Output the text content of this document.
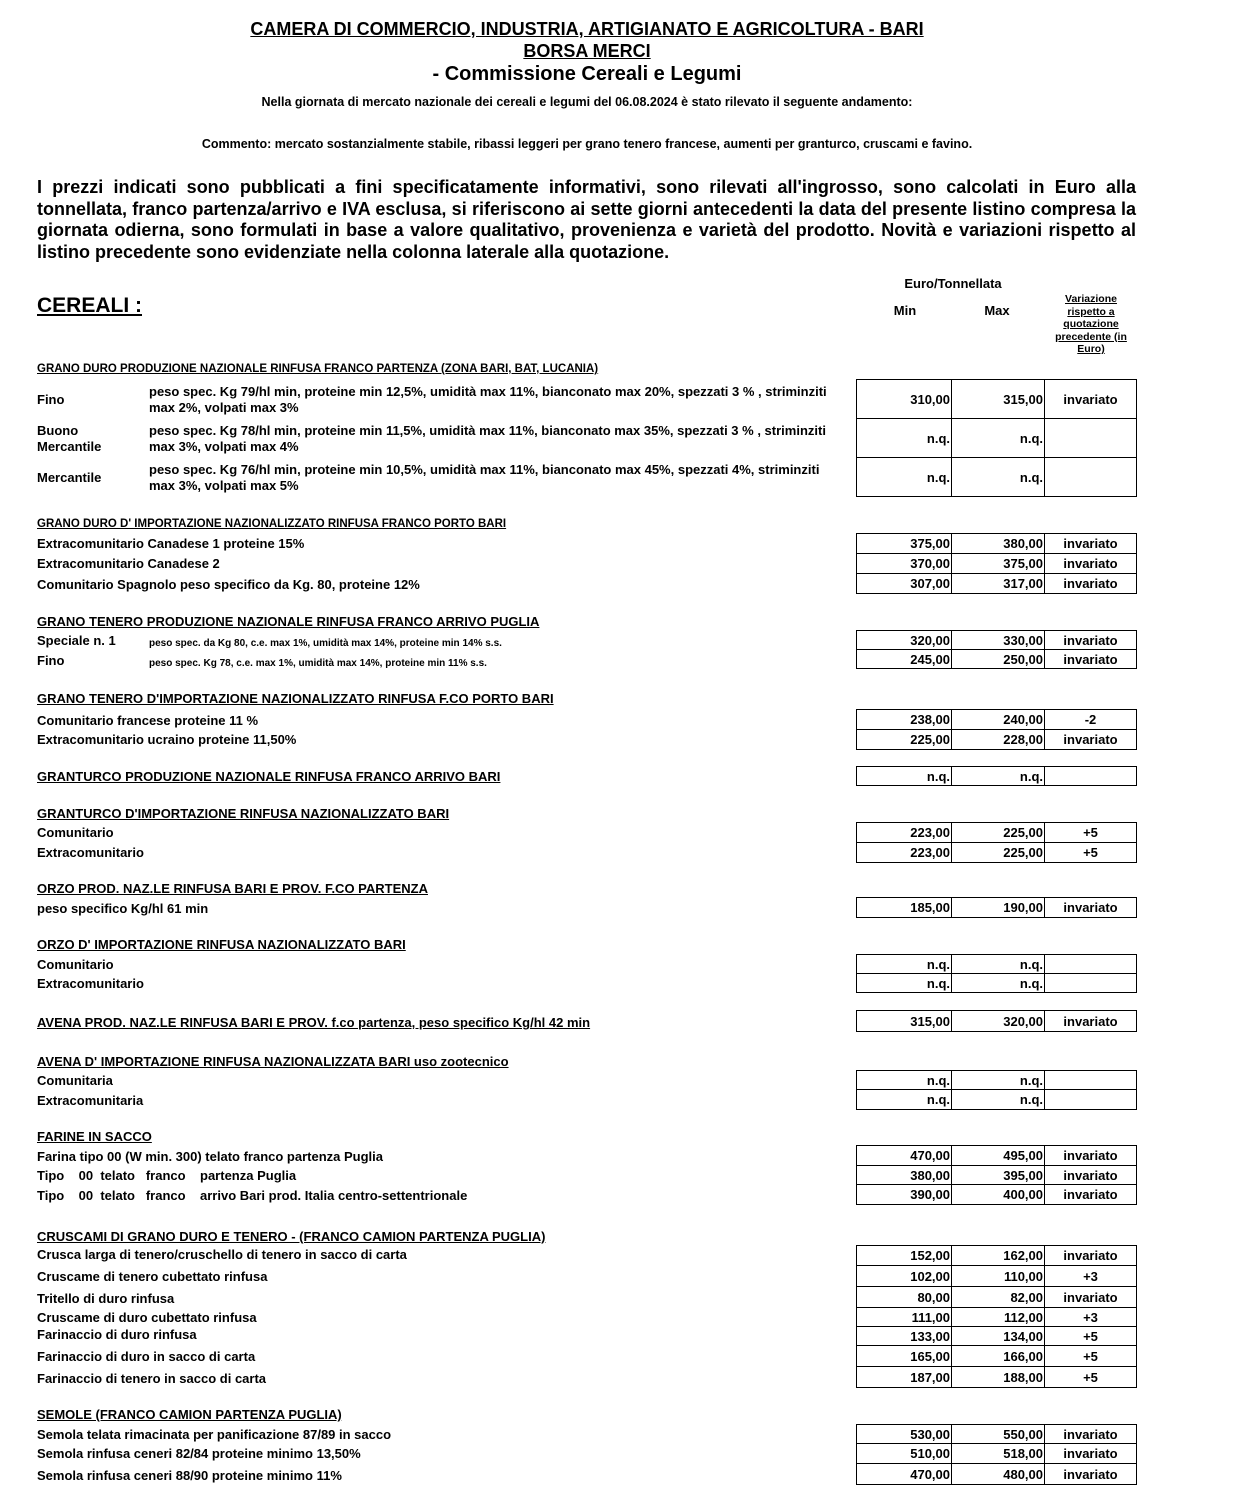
CAMERA DI COMMERCIO, INDUSTRIA, ARTIGIANATO E AGRICOLTURA - BARI
BORSA MERCI
- Commissione Cereali e Legumi
Nella giornata di mercato nazionale dei cereali e legumi del 06.08.2024 è stato rilevato il seguente andamento:
Commento: mercato sostanzialmente stabile, ribassi leggeri per grano tenero francese, aumenti per granturco, cruscami e favino.
I prezzi indicati sono pubblicati a fini specificatamente informativi, sono rilevati all'ingrosso, sono calcolati in Euro alla tonnellata, franco partenza/arrivo e IVA esclusa, si riferiscono ai sette giorni antecedenti la data del presente listino compresa la giornata odierna, sono formulati in base a valore qualitativo, provenienza e varietà del prodotto. Novità e variazioni rispetto al listino precedente sono evidenziate nella colonna laterale alla quotazione.
Euro/Tonnellata
Min	Max
Variazione rispetto a quotazione precedente (in Euro)
CEREALI :
GRANO DURO PRODUZIONE NAZIONALE RINFUSA FRANCO PARTENZA (ZONA BARI, BAT, LUCANIA)
Fino
peso spec. Kg 79/hl min, proteine min 12,5%, umidità max 11%, bianconato max 20%, spezzati 3 % , striminziti max 2%, volpati max 3%
310,00	315,00	invariato
Buono Mercantile
peso spec. Kg 78/hl min, proteine min 11,5%, umidità max 11%, bianconato max 35%, spezzati 3 % , striminziti max 3%, volpati max 4%
n.q.	n.q.
Mercantile
peso spec. Kg 76/hl min, proteine min 10,5%, umidità max 11%, bianconato max 45%, spezzati 4%, striminziti max 3%, volpati max 5%
n.q.	n.q.
GRANO DURO D' IMPORTAZIONE NAZIONALIZZATO RINFUSA FRANCO PORTO BARI
Extracomunitario Canadese 1 proteine 15%	375,00	380,00	invariato
Extracomunitario Canadese 2	370,00	375,00	invariato
Comunitario Spagnolo peso specifico da Kg. 80, proteine 12%	307,00	317,00	invariato
GRANO TENERO PRODUZIONE NAZIONALE RINFUSA FRANCO ARRIVO PUGLIA
Speciale n. 1	peso spec. da Kg 80, c.e. max 1%, umidità max 14%, proteine min 14% s.s.	320,00	330,00	invariato
Fino	peso spec. Kg 78, c.e. max 1%, umidità max 14%, proteine min 11% s.s.	245,00	250,00	invariato
GRANO TENERO D'IMPORTAZIONE NAZIONALIZZATO RINFUSA F.CO PORTO BARI
Comunitario francese proteine 11 %	238,00	240,00	-2
Extracomunitario ucraino proteine 11,50%	225,00	228,00	invariato
GRANTURCO PRODUZIONE NAZIONALE RINFUSA FRANCO ARRIVO BARI	n.q.	n.q.
GRANTURCO D'IMPORTAZIONE RINFUSA NAZIONALIZZATO BARI
Comunitario	223,00	225,00	+5
Extracomunitario	223,00	225,00	+5
ORZO PROD. NAZ.LE RINFUSA BARI E PROV. F.CO PARTENZA
peso specifico Kg/hl 61 min	185,00	190,00	invariato
ORZO D' IMPORTAZIONE RINFUSA NAZIONALIZZATO BARI
Comunitario	n.q.	n.q.
Extracomunitario	n.q.	n.q.
AVENA PROD. NAZ.LE RINFUSA BARI E PROV. f.co partenza, peso specifico Kg/hl 42 min	315,00	320,00	invariato
AVENA D' IMPORTAZIONE RINFUSA NAZIONALIZZATA BARI uso zootecnico
Comunitaria	n.q.	n.q.
Extracomunitaria	n.q.	n.q.
FARINE IN SACCO
Farina tipo 00 (W min. 300) telato franco partenza Puglia	470,00	495,00	invariato
Tipo    00  telato   franco    partenza Puglia	380,00	395,00	invariato
Tipo    00  telato   franco    arrivo Bari prod. Italia centro-settentrionale	390,00	400,00	invariato
CRUSCAMI DI GRANO DURO E TENERO - (FRANCO CAMION PARTENZA PUGLIA)
Crusca larga di tenero/cruschello di tenero in sacco di carta	152,00	162,00	invariato
Cruscame di tenero cubettato rinfusa	102,00	110,00	+3
Tritello di duro rinfusa	80,00	82,00	invariato
Cruscame di duro cubettato rinfusa	111,00	112,00	+3
Farinaccio di duro rinfusa	133,00	134,00	+5
Farinaccio di duro in sacco di carta	165,00	166,00	+5
Farinaccio di tenero in sacco di carta	187,00	188,00	+5
SEMOLE (FRANCO CAMION PARTENZA PUGLIA)
Semola telata rimacinata per panificazione 87/89 in sacco	530,00	550,00	invariato
Semola rinfusa ceneri 82/84 proteine minimo 13,50%	510,00	518,00	invariato
Semola rinfusa ceneri 88/90 proteine minimo 11%	470,00	480,00	invariato
